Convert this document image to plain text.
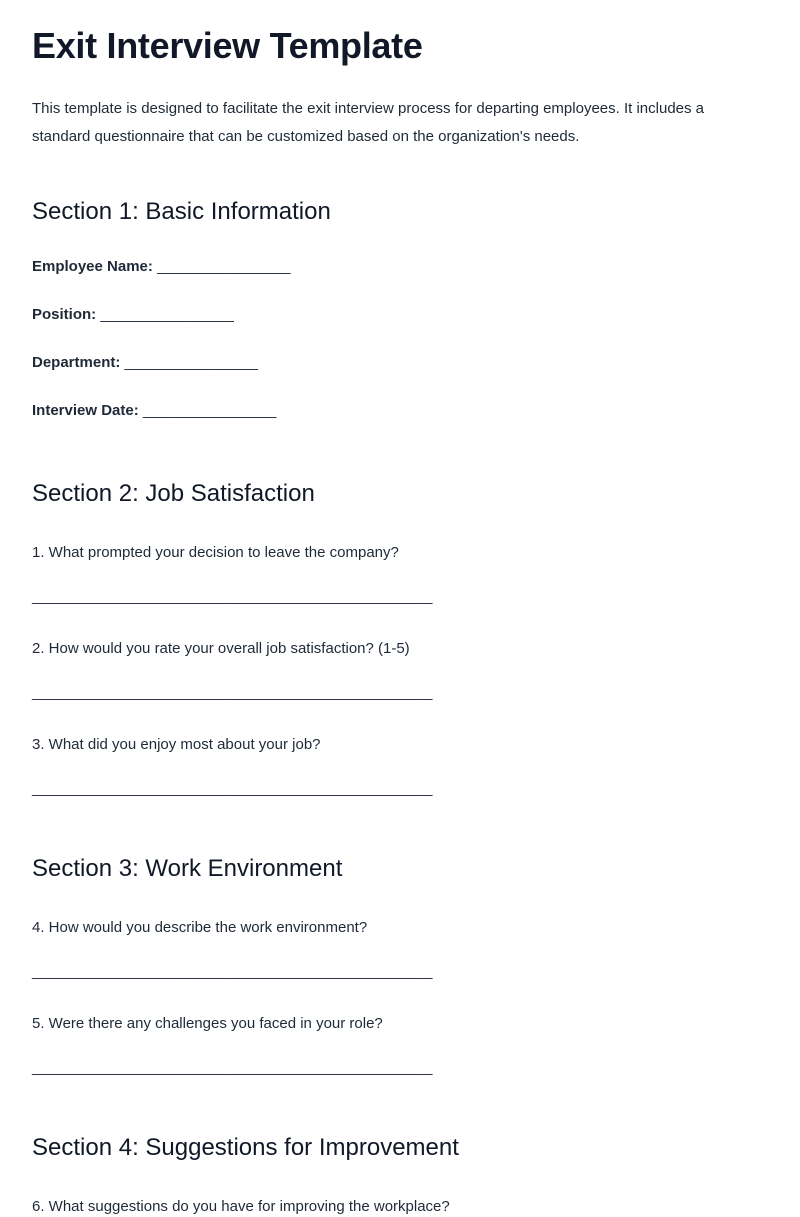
Exit Interview Template

This template is designed to facilitate the exit interview process for departing employees. It includes a standard questionnaire that can be customized based on the organization's needs.

Section 1: Basic Information

Employee Name: ________________

Position: ________________

Department: ________________

Interview Date: ________________

Section 2: Job Satisfaction

1. What prompted your decision to leave the company?

________________________________________________

2. How would you rate your overall job satisfaction? (1-5)

________________________________________________

3. What did you enjoy most about your job?

________________________________________________

Section 3: Work Environment

4. How would you describe the work environment?

________________________________________________

5. Were there any challenges you faced in your role?

________________________________________________

Section 4: Suggestions for Improvement

6. What suggestions do you have for improving the workplace?
